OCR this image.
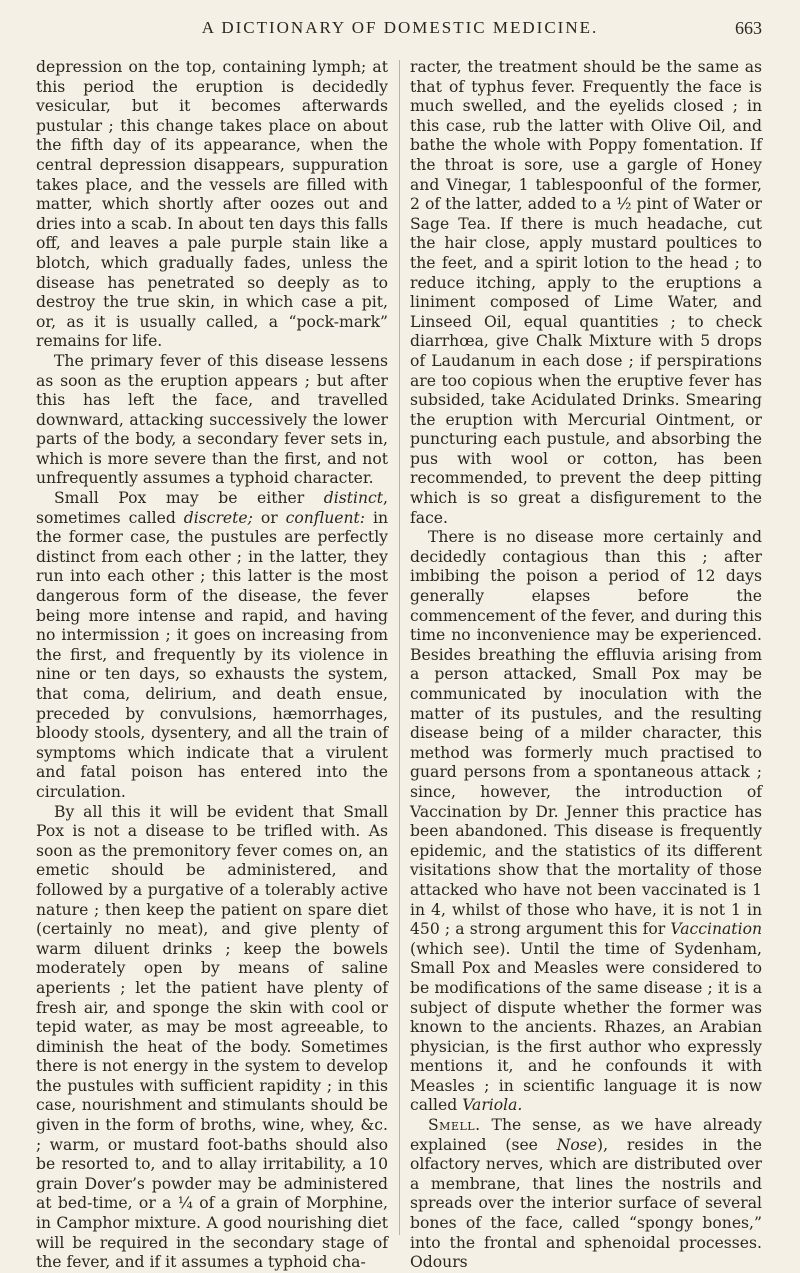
A DICTIONARY OF DOMESTIC MEDICINE.	663

depression on the top, containing lymph; at this period the eruption is decidedly vesicular, but it becomes afterwards pustular ; this change takes place on about the fifth day of its appearance, when the central depression disappears, suppuration takes place, and the vessels are filled with matter, which shortly after oozes out and dries into a scab. In about ten days this falls off, and leaves a pale purple stain like a blotch, which gradually fades, unless the disease has penetrated so deeply as to destroy the true skin, in which case a pit, or, as it is usually called, a “pock-mark” remains for life.

The primary fever of this disease lessens as soon as the eruption appears ; but after this has left the face, and travelled downward, attacking successively the lower parts of the body, a secondary fever sets in, which is more severe than the first, and not unfrequently assumes a typhoid character.

Small Pox may be either distinct, sometimes called discrete; or confluent: in the former case, the pustules are perfectly distinct from each other ; in the latter, they run into each other ; this latter is the most dangerous form of the disease, the fever being more intense and rapid, and having no intermission ; it goes on increasing from the first, and frequently by its violence in nine or ten days, so exhausts the system, that coma, delirium, and death ensue, preceded by convulsions, hæmorrhages, bloody stools, dysentery, and all the train of symptoms which indicate that a virulent and fatal poison has entered into the circulation.

By all this it will be evident that Small Pox is not a disease to be trifled with. As soon as the premonitory fever comes on, an emetic should be administered, and followed by a purgative of a tolerably active nature ; then keep the patient on spare diet (certainly no meat), and give plenty of warm diluent drinks ; keep the bowels moderately open by means of saline aperients ; let the patient have plenty of fresh air, and sponge the skin with cool or tepid water, as may be most agreeable, to diminish the heat of the body. Sometimes there is not energy in the system to develop the pustules with sufficient rapidity ; in this case, nourishment and stimulants should be given in the form of broths, wine, whey, &c. ; warm, or mustard foot-baths should also be resorted to, and to allay irritability, a 10 grain Dover’s powder may be administered at bed-time, or a ¼ of a grain of Morphine, in Camphor mixture. A good nourishing diet will be required in the secondary stage of the fever, and if it assumes a typhoid cha-

racter, the treatment should be the same as that of typhus fever. Frequently the face is much swelled, and the eyelids closed ; in this case, rub the latter with Olive Oil, and bathe the whole with Poppy fomentation. If the throat is sore, use a gargle of Honey and Vinegar, 1 tablespoonful of the former, 2 of the latter, added to a ½ pint of Water or Sage Tea. If there is much headache, cut the hair close, apply mustard poultices to the feet, and a spirit lotion to the head ; to reduce itching, apply to the eruptions a liniment composed of Lime Water, and Linseed Oil, equal quantities ; to check diarrhœa, give Chalk Mixture with 5 drops of Laudanum in each dose ; if perspirations are too copious when the eruptive fever has subsided, take Acidulated Drinks. Smearing the eruption with Mercurial Ointment, or puncturing each pustule, and absorbing the pus with wool or cotton, has been recommended, to prevent the deep pitting which is so great a disfigurement to the face.

There is no disease more certainly and decidedly contagious than this ; after imbibing the poison a period of 12 days generally elapses before the commencement of the fever, and during this time no inconvenience may be experienced. Besides breathing the effluvia arising from a person attacked, Small Pox may be communicated by inoculation with the matter of its pustules, and the resulting disease being of a milder character, this method was formerly much practised to guard persons from a spontaneous attack ; since, however, the introduction of Vaccination by Dr. Jenner this practice has been abandoned. This disease is frequently epidemic, and the statistics of its different visitations show that the mortality of those attacked who have not been vaccinated is 1 in 4, whilst of those who have, it is not 1 in 450 ; a strong argument this for Vaccination (which see). Until the time of Sydenham, Small Pox and Measles were considered to be modifications of the same disease ; it is a subject of dispute whether the former was known to the ancients. Rhazes, an Arabian physician, is the first author who expressly mentions it, and he confounds it with Measles ; in scientific language it is now called Variola.

Smell. The sense, as we have already explained (see Nose), resides in the olfactory nerves, which are distributed over a membrane, that lines the nostrils and spreads over the interior surface of several bones of the face, called “spongy bones,” into the frontal and sphenoidal processes. Odours
